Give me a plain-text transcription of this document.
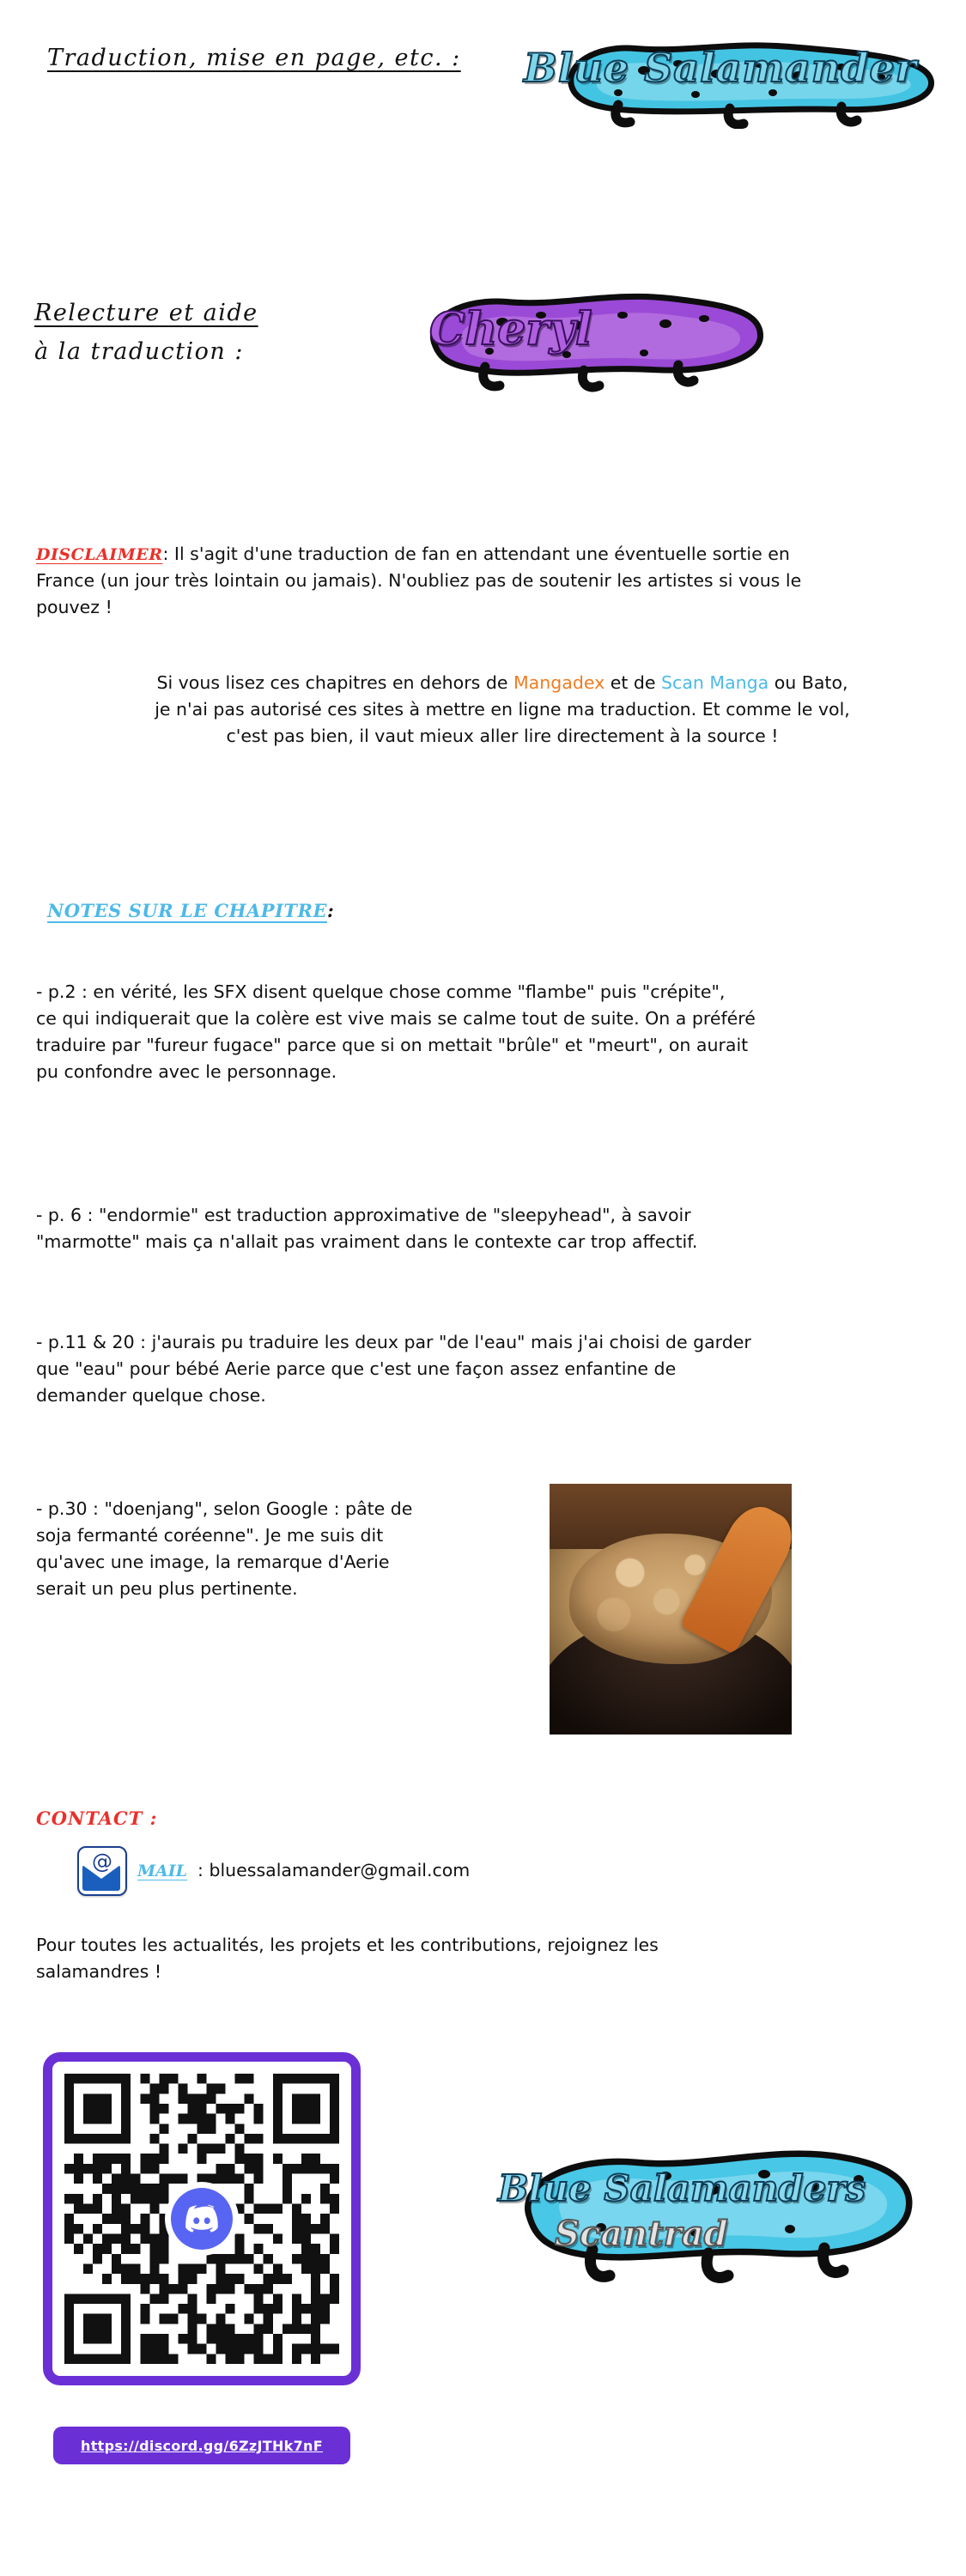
Traduction, mise en page, etc. : Blue Salamander
Relecture et aide
à la traduction :	Cheryl
DISCLAIMER: Il s'agit d'une traduction de fan en attendant une éventuelle sortie en
France (un jour très lointain ou jamais). N'oubliez pas de soutenir les artistes si vous le
pouvez !
Si vous lisez ces chapitres en dehors de Mangadex et de Scan Manga ou Bato,
je n'ai pas autorisé ces sites à mettre en ligne ma traduction. Et comme le vol,
c'est pas bien, il vaut mieux aller lire directement à la source !
NOTES SUR LE CHAPITRE:
- p.2 : en vérité, les SFX disent quelque chose comme "flambe" puis "crépite",
ce qui indiquerait que la colère est vive mais se calme tout de suite. On a préféré
traduire par "fureur fugace" parce que si on mettait "brûle" et "meurt", on aurait
pu confondre avec le personnage.
- p. 6 : "endormie" est traduction approximative de "sleepyhead", à savoir
"marmotte" mais ça n'allait pas vraiment dans le contexte car trop affectif.
- p.11 & 20 : j'aurais pu traduire les deux par "de l'eau" mais j'ai choisi de garder
que "eau" pour bébé Aerie parce que c'est une façon assez enfantine de
demander quelque chose.
- p.30 : "doenjang", selon Google : pâte de
soja fermanté coréenne". Je me suis dit
qu'avec une image, la remarque d'Aerie
serait un peu plus pertinente.
CONTACT :
@	MAIL : bluessalamander@gmail.com
Pour toutes les actualités, les projets et les contributions, rejoignez les
salamandres !
https://discord.gg/6ZzJTHk7nF
Blue Salamanders
Scantrad
